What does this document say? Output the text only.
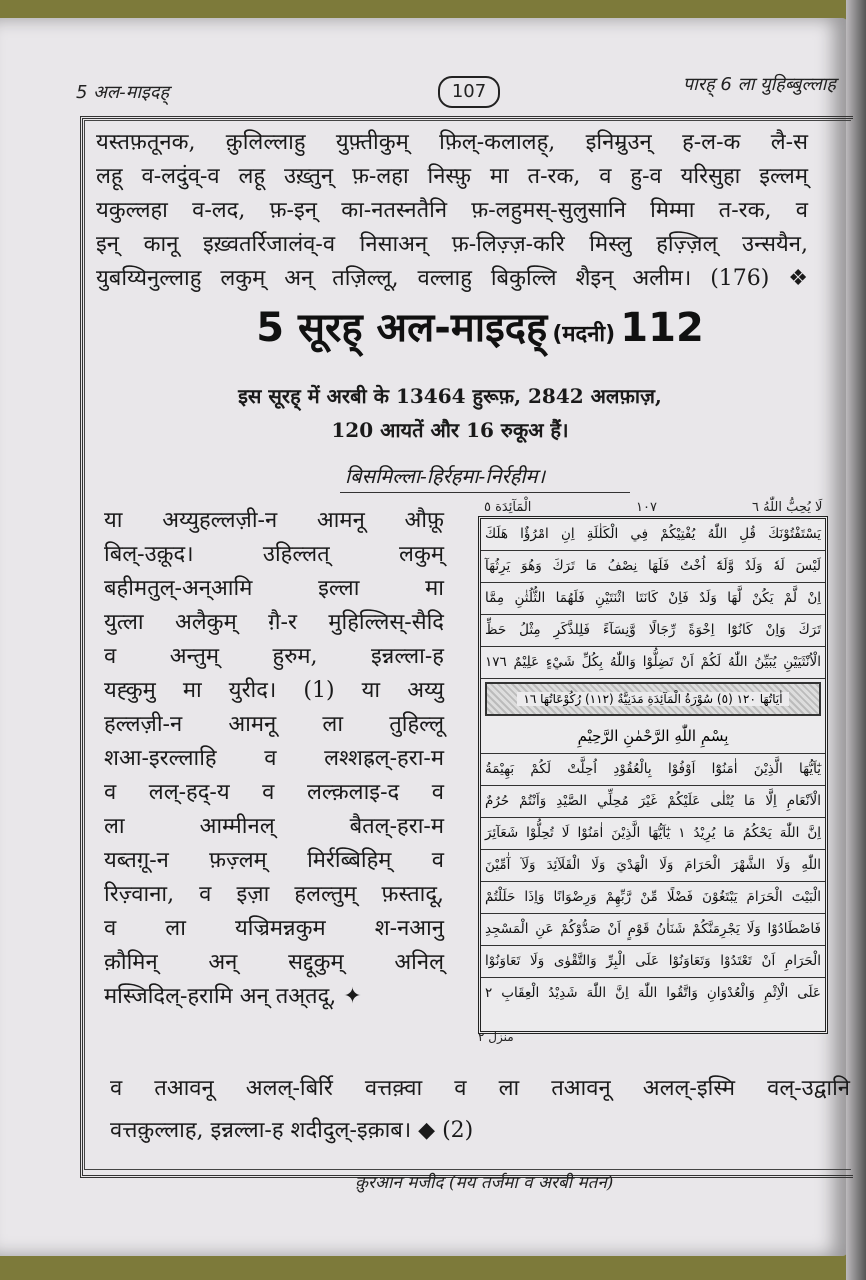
5 अल-माइदह्	107	पारह् 6 ला युहिब्बुल्लाह
यस्तफ़तूनक, क़ुलिल्लाहु युफ़्तीकुम् फ़िल्-कलालह्, इनिम्रुउन् ह-ल-क लै-स
लहू व-लदुंव्-व लहू उख़्तुन् फ़-लहा निस्फ़ु मा त-रक, व हु-व यरिसुहा इल्लम्
यकुल्लहा व-लद, फ़-इन् का-नतस्नतैनि फ़-लहुमस्-सुलुसानि मिम्मा त-रक, व
इन् कानू इख़्वतर्रिजालंव्-व निसाअन् फ़-लिज़्ज़-करि मिस्लु हज़्ज़िल् उन्सयैन,
युबय्यिनुल्लाहु लकुम् अन् तज़िल्लू, वल्लाहु बिकुल्लि शैइन् अलीम। (176) ❖
5 सूरह् अल-माइदह् (मदनी) 112
इस सूरह् में अरबी के 13464 हुरूफ़, 2842 अलफ़ाज़,
120 आयतें और 16 रुकूअ हैं।
बिसमिल्ला-हिर्रहमा-निर्रहीम।
या अय्युहल्लज़ी-न आमनू औफ़ू
बिल्-उक़ूद। उहिल्लत् लकुम्
बहीमतुल्-अन्आमि इल्ला मा
युत्ला अलैकुम् ग़ै-र मुहिल्लिस्-सैदि
व अन्तुम् हुरुम, इन्नल्ला-ह
यह्कुमु मा युरीद। (1) या अय्यु
हल्लज़ी-न आमनू ला तुहिल्लू
शआ-इरल्लाहि व लश्शह्रल्-हरा-म
व लल्-हद्-य व लल्क़लाइ-द व
ला आम्मीनल् बैतल्-हरा-म
यब्तग़ू-न फ़ज़्लम् मिर्रब्बिहिम् व
रिज़्वाना, व इज़ा हलल्तुम् फ़स्तादू,
व ला यज्रिमन्नकुम श-नआनु
क़ौमिन् अन् सद्दूकुम् अनिल्
मस्जिदिल्-हरामि अन् तअ्तदू, ✦
الْمَآئِدَة ٥	١٠٧	لَا يُحِبُّ اللّٰهُ ٦
يَسْتَفْتُوْنَكَ قُلِ اللّٰهُ يُفْتِيْكُمْ فِي الْكَلٰلَةِ اِنِ امْرُؤٌا هَلَكَ
لَيْسَ لَهٗ وَلَدٌ وَّلَهٗٓ اُخْتٌ فَلَهَا نِصْفُ مَا تَرَكَ وَهُوَ يَرِثُهَآ
اِنْ لَّمْ يَكُنْ لَّهَا وَلَدٌ فَاِنْ كَانَتَا اثْنَتَيْنِ فَلَهُمَا الثُّلُثٰنِ مِمَّا
تَرَكَ وَاِنْ كَانُوْٓا اِخْوَةً رِّجَالًا وَّنِسَآءً فَلِلذَّكَرِ مِثْلُ حَظِّ
الْاُنْثَيَيْنِ يُبَيِّنُ اللّٰهُ لَكُمْ اَنْ تَضِلُّوْا وَاللّٰهُ بِكُلِّ شَيْءٍ عَلِيْمٌ ١٧٦
اٰيَاتُهَا ١٢٠ (٥) سُوْرَةُ الْمَآئِدَةِ مَدَنِيَّةٌ (١١٢) رُكُوْعَاتُهَا ١٦
بِسْمِ اللّٰهِ الرَّحْمٰنِ الرَّحِيْمِ
يٰٓاَيُّهَا الَّذِيْنَ اٰمَنُوْٓا اَوْفُوْا بِالْعُقُوْدِ اُحِلَّتْ لَكُمْ بَهِيْمَةُ
الْاَنْعَامِ اِلَّا مَا يُتْلٰى عَلَيْكُمْ غَيْرَ مُحِلِّي الصَّيْدِ وَاَنْتُمْ حُرُمٌ
اِنَّ اللّٰهَ يَحْكُمُ مَا يُرِيْدُ ١ يٰٓاَيُّهَا الَّذِيْنَ اٰمَنُوْا لَا تُحِلُّوْا شَعَآئِرَ
اللّٰهِ وَلَا الشَّهْرَ الْحَرَامَ وَلَا الْهَدْيَ وَلَا الْقَلَآئِدَ وَلَآ آٰمِّيْنَ
الْبَيْتَ الْحَرَامَ يَبْتَغُوْنَ فَضْلًا مِّنْ رَّبِّهِمْ وَرِضْوَانًا وَاِذَا حَلَلْتُمْ
فَاصْطَادُوْا وَلَا يَجْرِمَنَّكُمْ شَنَاٰنُ قَوْمٍ اَنْ صَدُّوْكُمْ عَنِ الْمَسْجِدِ
الْحَرَامِ اَنْ تَعْتَدُوْا وَتَعَاوَنُوْا عَلَى الْبِرِّ وَالتَّقْوٰى وَلَا تَعَاوَنُوْا
عَلَى الْاِثْمِ وَالْعُدْوَانِ وَاتَّقُوا اللّٰهَ اِنَّ اللّٰهَ شَدِيْدُ الْعِقَابِ ٢
منزل ٢
व तआवनू अलल्-बिर्रि वत्तक़्वा व ला तआवनू अलल्-इस्मि वल्-उद्वानि
वत्तक़ुल्लाह, इन्नल्ला-ह शदीदुल्-इक़ाब। ◆ (2)
क़ुरआन मजीद (मय तर्जमा व अरबी मतन)
